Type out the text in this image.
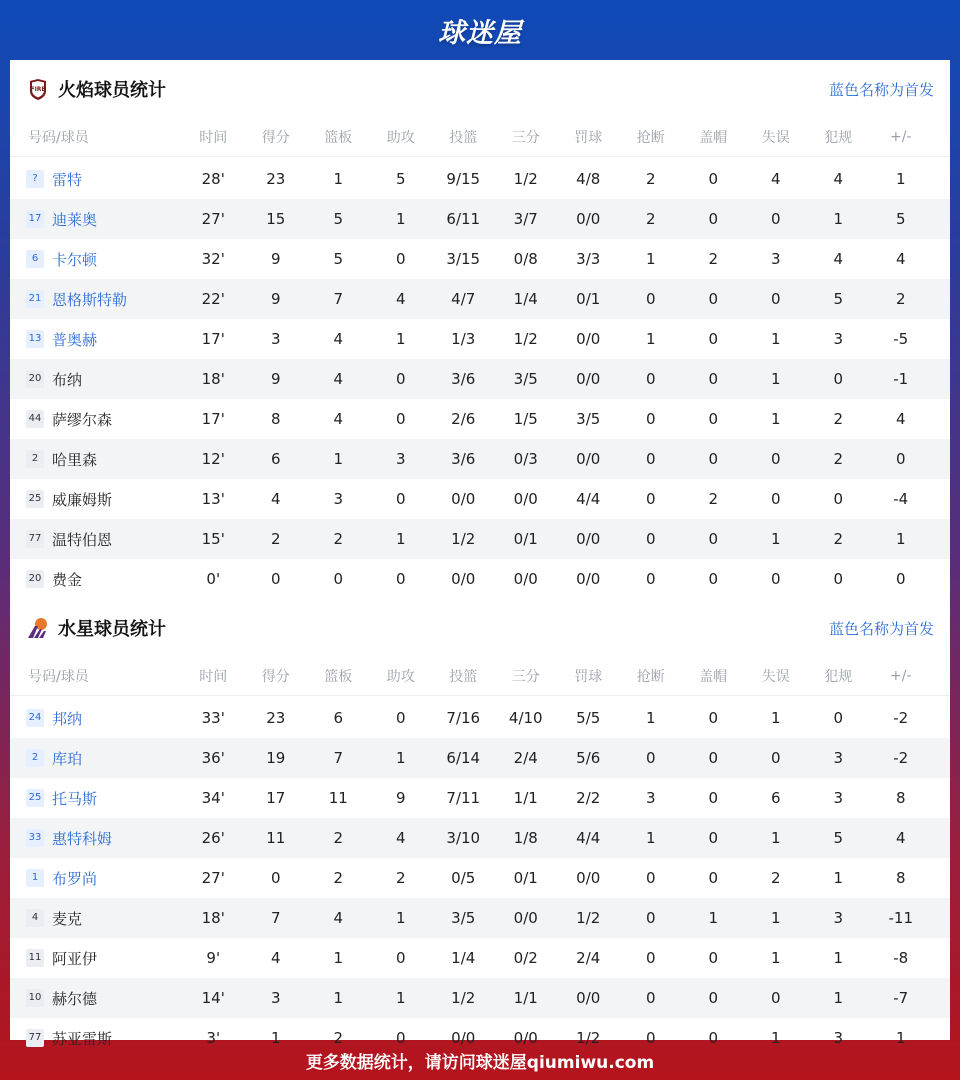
球迷屋
FIRE 火焰球员统计	蓝色名称为首发
号码/球员	时间	得分	篮板	助攻	投篮	三分	罚球	抢断	盖帽	失误	犯规	+/-
? 雷特	28'	23	1	5	9/15	1/2	4/8	2	0	4	4	1
17 迪莱奥	27'	15	5	1	6/11	3/7	0/0	2	0	0	1	5
6 卡尔顿	32'	9	5	0	3/15	0/8	3/3	1	2	3	4	4
21 恩格斯特勒	22'	9	7	4	4/7	1/4	0/1	0	0	0	5	2
13 普奥赫	17'	3	4	1	1/3	1/2	0/0	1	0	1	3	-5
20 布纳	18'	9	4	0	3/6	3/5	0/0	0	0	1	0	-1
44 萨缪尔森	17'	8	4	0	2/6	1/5	3/5	0	0	1	2	4
2 哈里森	12'	6	1	3	3/6	0/3	0/0	0	0	0	2	0
25 威廉姆斯	13'	4	3	0	0/0	0/0	4/4	0	2	0	0	-4
77 温特伯恩	15'	2	2	1	1/2	0/1	0/0	0	0	1	2	1
20 费金	0'	0	0	0	0/0	0/0	0/0	0	0	0	0	0
水星球员统计	蓝色名称为首发
号码/球员	时间	得分	篮板	助攻	投篮	三分	罚球	抢断	盖帽	失误	犯规	+/-
24 邦纳	33'	23	6	0	7/16	4/10	5/5	1	0	1	0	-2
2 库珀	36'	19	7	1	6/14	2/4	5/6	0	0	0	3	-2
25 托马斯	34'	17	11	9	7/11	1/1	2/2	3	0	6	3	8
33 惠特科姆	26'	11	2	4	3/10	1/8	4/4	1	0	1	5	4
1 布罗尚	27'	0	2	2	0/5	0/1	0/0	0	0	2	1	8
4 麦克	18'	7	4	1	3/5	0/0	1/2	0	1	1	3	-11
11 阿亚伊	9'	4	1	0	1/4	0/2	2/4	0	0	1	1	-8
10 赫尔德	14'	3	1	1	1/2	1/1	0/0	0	0	0	1	-7
77 苏亚雷斯	3'	1	2	0	0/0	0/0	1/2	0	0	1	3	1
更多数据统计，请访问球迷屋qiumiwu.com
